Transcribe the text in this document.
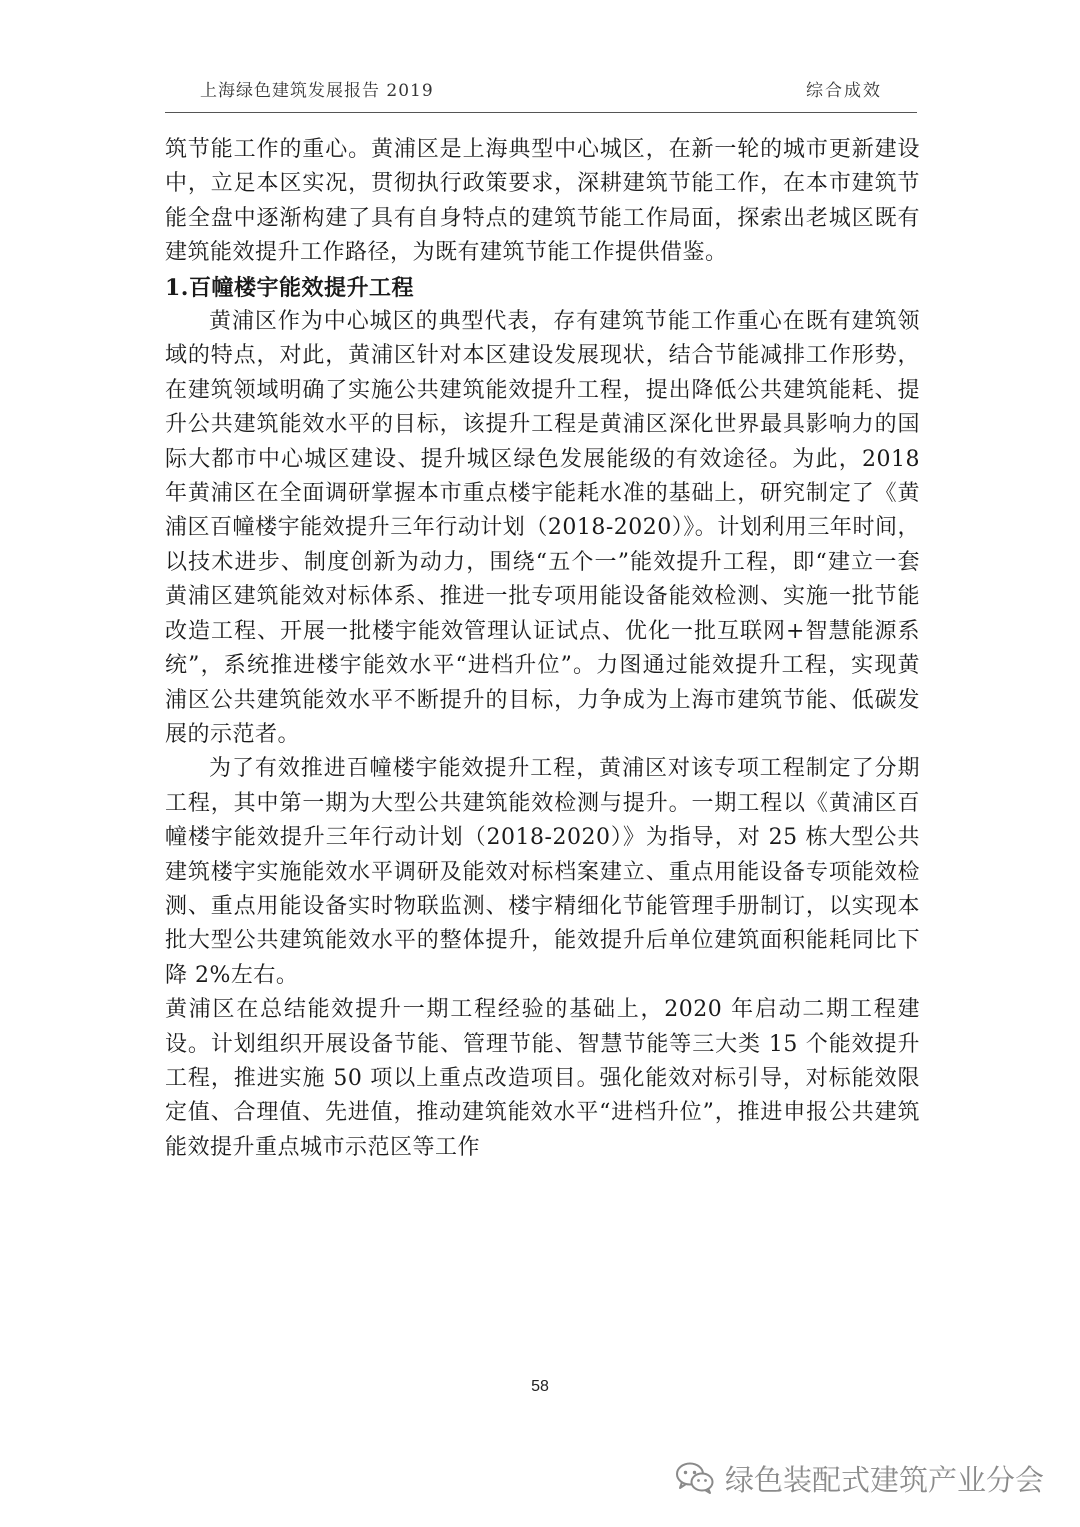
上海绿色建筑发展报告 2019	综合成效

筑节能工作的重心。黄浦区是上海典型中心城区，在新一轮的城市更新建设中，立足本区实况，贯彻执行政策要求，深耕建筑节能工作，在本市建筑节能全盘中逐渐构建了具有自身特点的建筑节能工作局面，探索出老城区既有建筑能效提升工作路径，为既有建筑节能工作提供借鉴。

1.百幢楼宇能效提升工程

黄浦区作为中心城区的典型代表，存有建筑节能工作重心在既有建筑领域的特点，对此，黄浦区针对本区建设发展现状，结合节能减排工作形势，在建筑领域明确了实施公共建筑能效提升工程，提出降低公共建筑能耗、提升公共建筑能效水平的目标，该提升工程是黄浦区深化世界最具影响力的国际大都市中心城区建设、提升城区绿色发展能级的有效途径。为此，2018 年黄浦区在全面调研掌握本市重点楼宇能耗水准的基础上，研究制定了《黄浦区百幢楼宇能效提升三年行动计划（2018-2020）》。计划利用三年时间，以技术进步、制度创新为动力，围绕“五个一”能效提升工程，即“建立一套黄浦区建筑能效对标体系、推进一批专项用能设备能效检测、实施一批节能改造工程、开展一批楼宇能效管理认证试点、优化一批互联网+智慧能源系统”，系统推进楼宇能效水平“进档升位”。力图通过能效提升工程，实现黄浦区公共建筑能效水平不断提升的目标，力争成为上海市建筑节能、低碳发展的示范者。

为了有效推进百幢楼宇能效提升工程，黄浦区对该专项工程制定了分期工程，其中第一期为大型公共建筑能效检测与提升。一期工程以《黄浦区百幢楼宇能效提升三年行动计划（2018-2020）》为指导，对 25 栋大型公共建筑楼宇实施能效水平调研及能效对标档案建立、重点用能设备专项能效检测、重点用能设备实时物联监测、楼宇精细化节能管理手册制订，以实现本批大型公共建筑能效水平的整体提升，能效提升后单位建筑面积能耗同比下降 2%左右。

黄浦区在总结能效提升一期工程经验的基础上，2020 年启动二期工程建设。计划组织开展设备节能、管理节能、智慧节能等三大类 15 个能效提升工程，推进实施 50 项以上重点改造项目。强化能效对标引导，对标能效限定值、合理值、先进值，推动建筑能效水平“进档升位”，推进申报公共建筑能效提升重点城市示范区等工作

58
绿色装配式建筑产业分会
